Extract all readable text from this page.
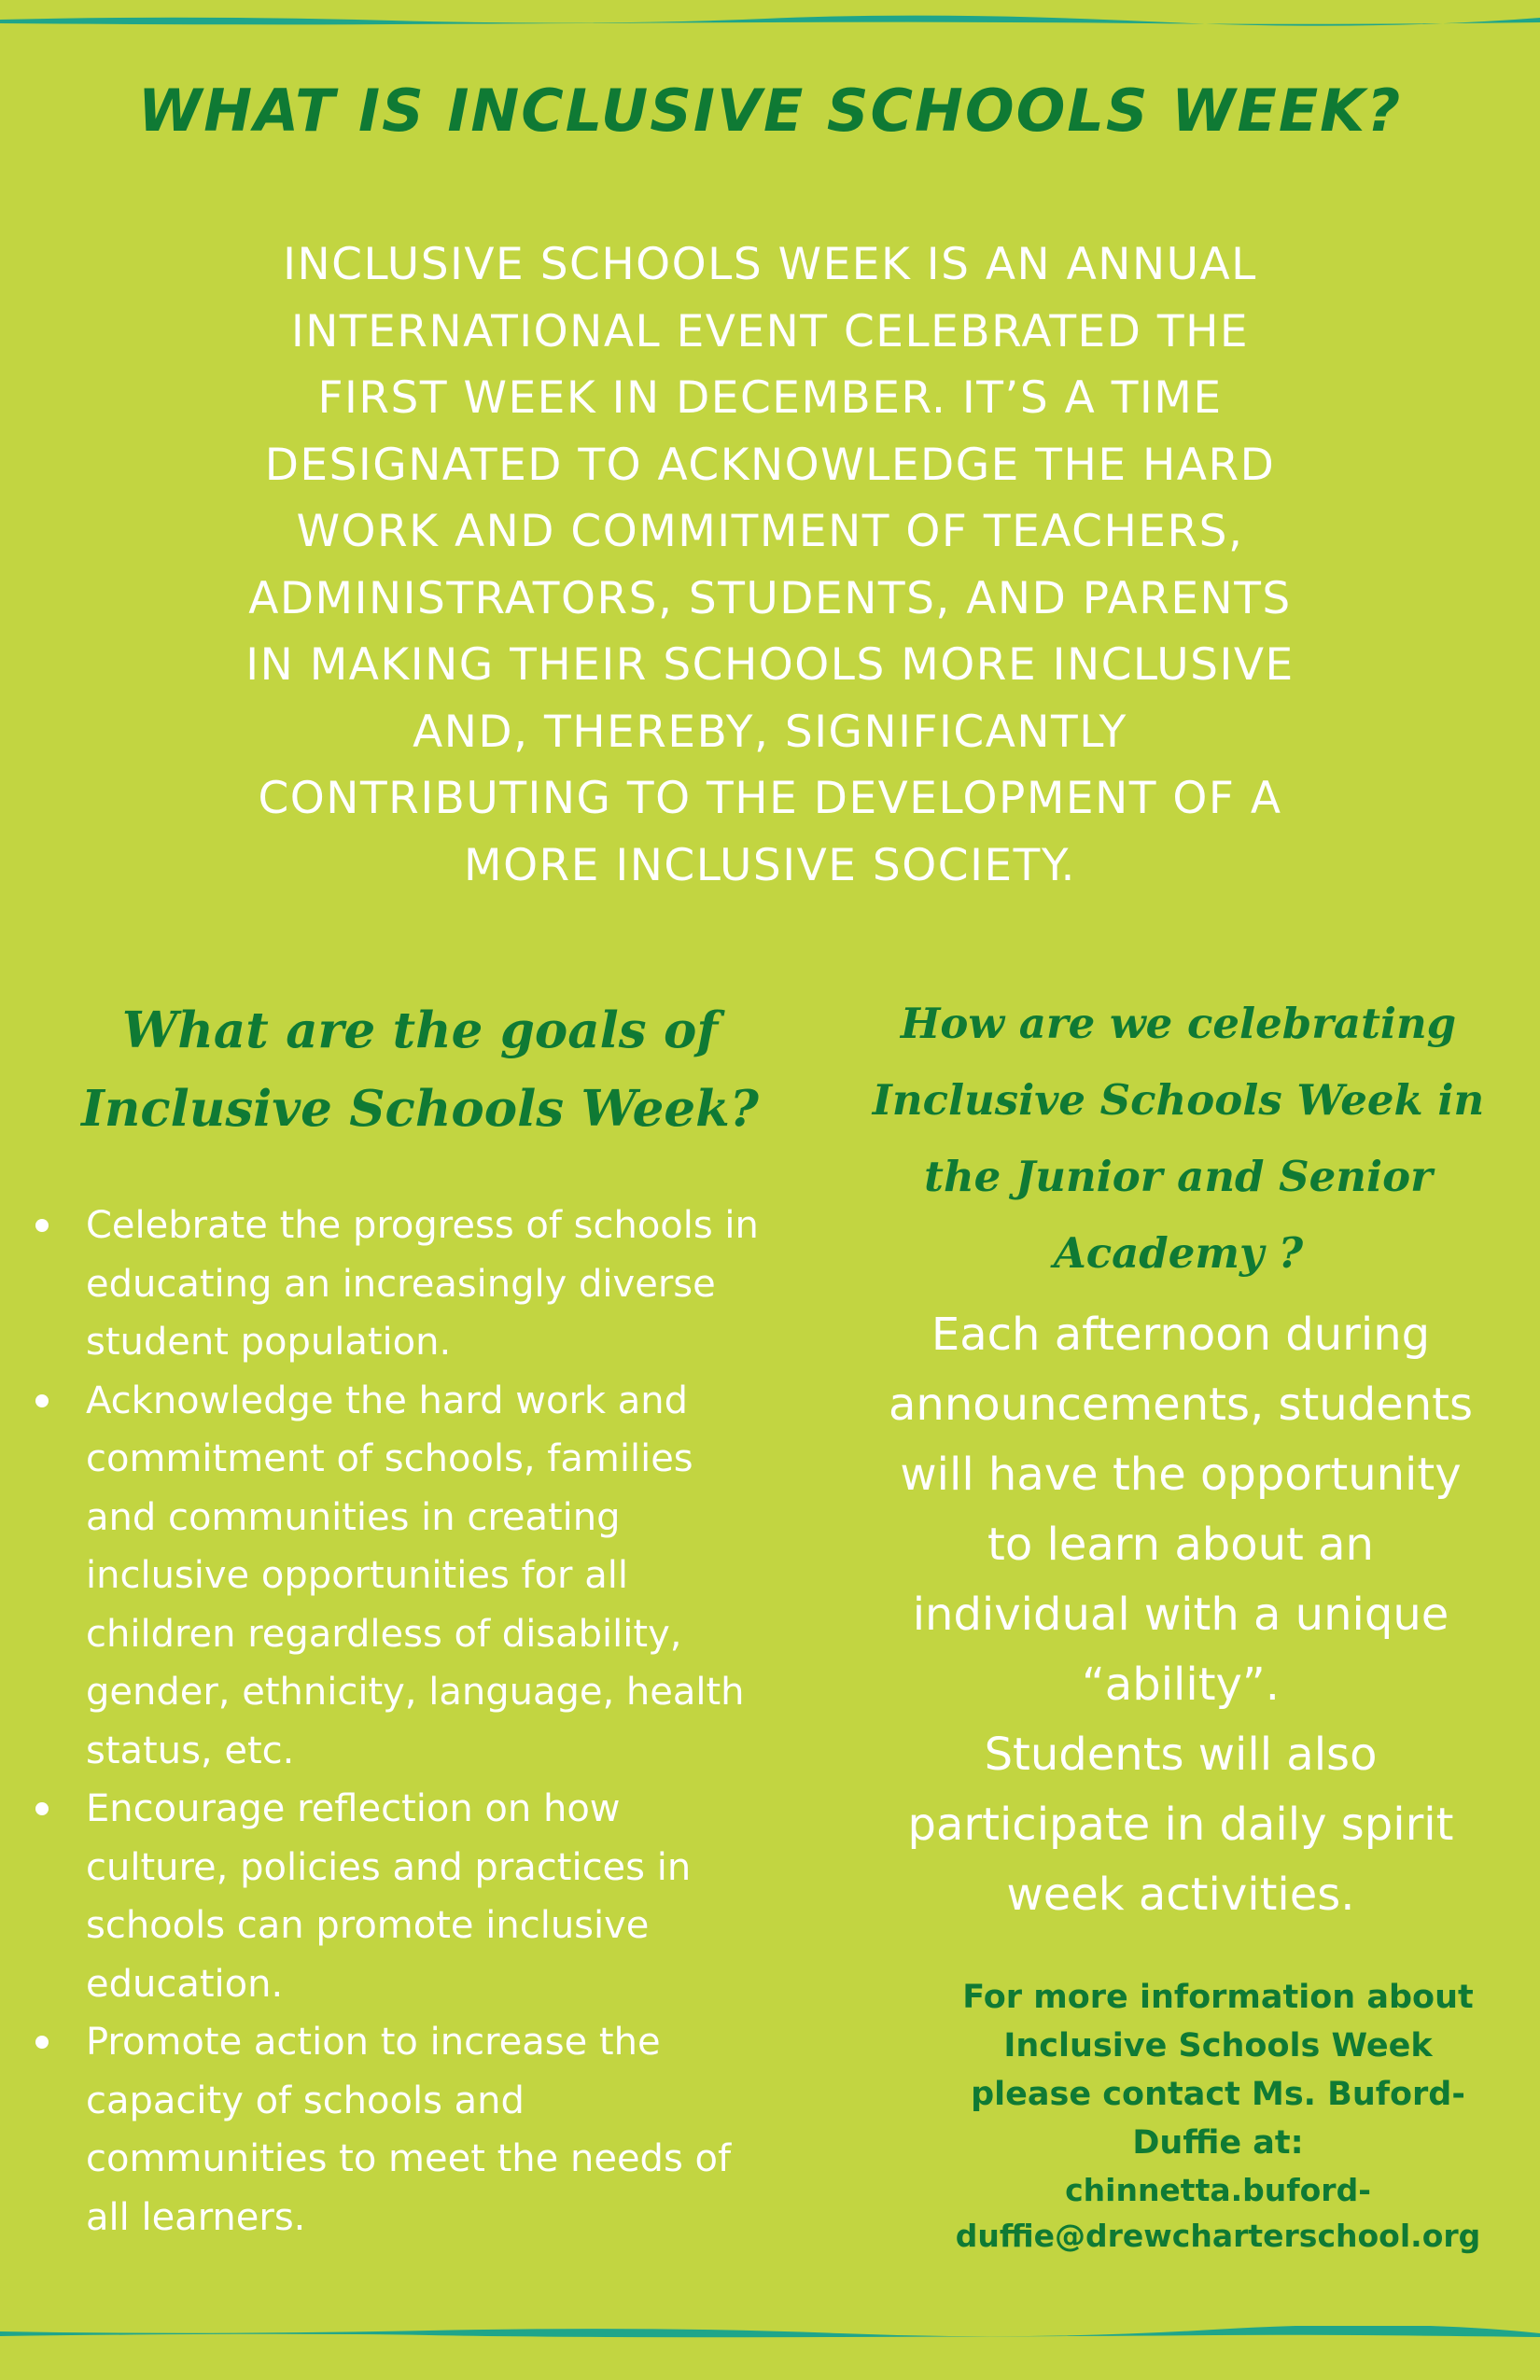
WHAT IS INCLUSIVE SCHOOLS WEEK?

INCLUSIVE SCHOOLS WEEK IS AN ANNUAL
INTERNATIONAL EVENT CELEBRATED THE
FIRST WEEK IN DECEMBER. IT’S A TIME
DESIGNATED TO ACKNOWLEDGE THE HARD
WORK AND COMMITMENT OF TEACHERS,
ADMINISTRATORS, STUDENTS, AND PARENTS
IN MAKING THEIR SCHOOLS MORE INCLUSIVE
AND, THEREBY, SIGNIFICANTLY
CONTRIBUTING TO THE DEVELOPMENT OF A
MORE INCLUSIVE SOCIETY.

What are the goals of
Inclusive Schools Week?
Celebrate the progress of schools in
educating an increasingly diverse
student population.
Acknowledge the hard work and
commitment of schools, families
and communities in creating
inclusive opportunities for all
children regardless of disability,
gender, ethnicity, language, health
status, etc.
Encourage reflection on how
culture, policies and practices in
schools can promote inclusive
education.
Promote action to increase the
capacity of schools and
communities to meet the needs of
all learners.
How are we celebrating
Inclusive Schools Week in
the Junior and Senior
Academy ?

Each afternoon during
announcements, students
will have the opportunity
to learn about an
individual with a unique
“ability”.
Students will also
participate in daily spirit
week activities.

For more information about
Inclusive Schools Week
please contact Ms. Buford-
Duffie at:
chinnetta.buford-
duffie@drewcharterschool.org
